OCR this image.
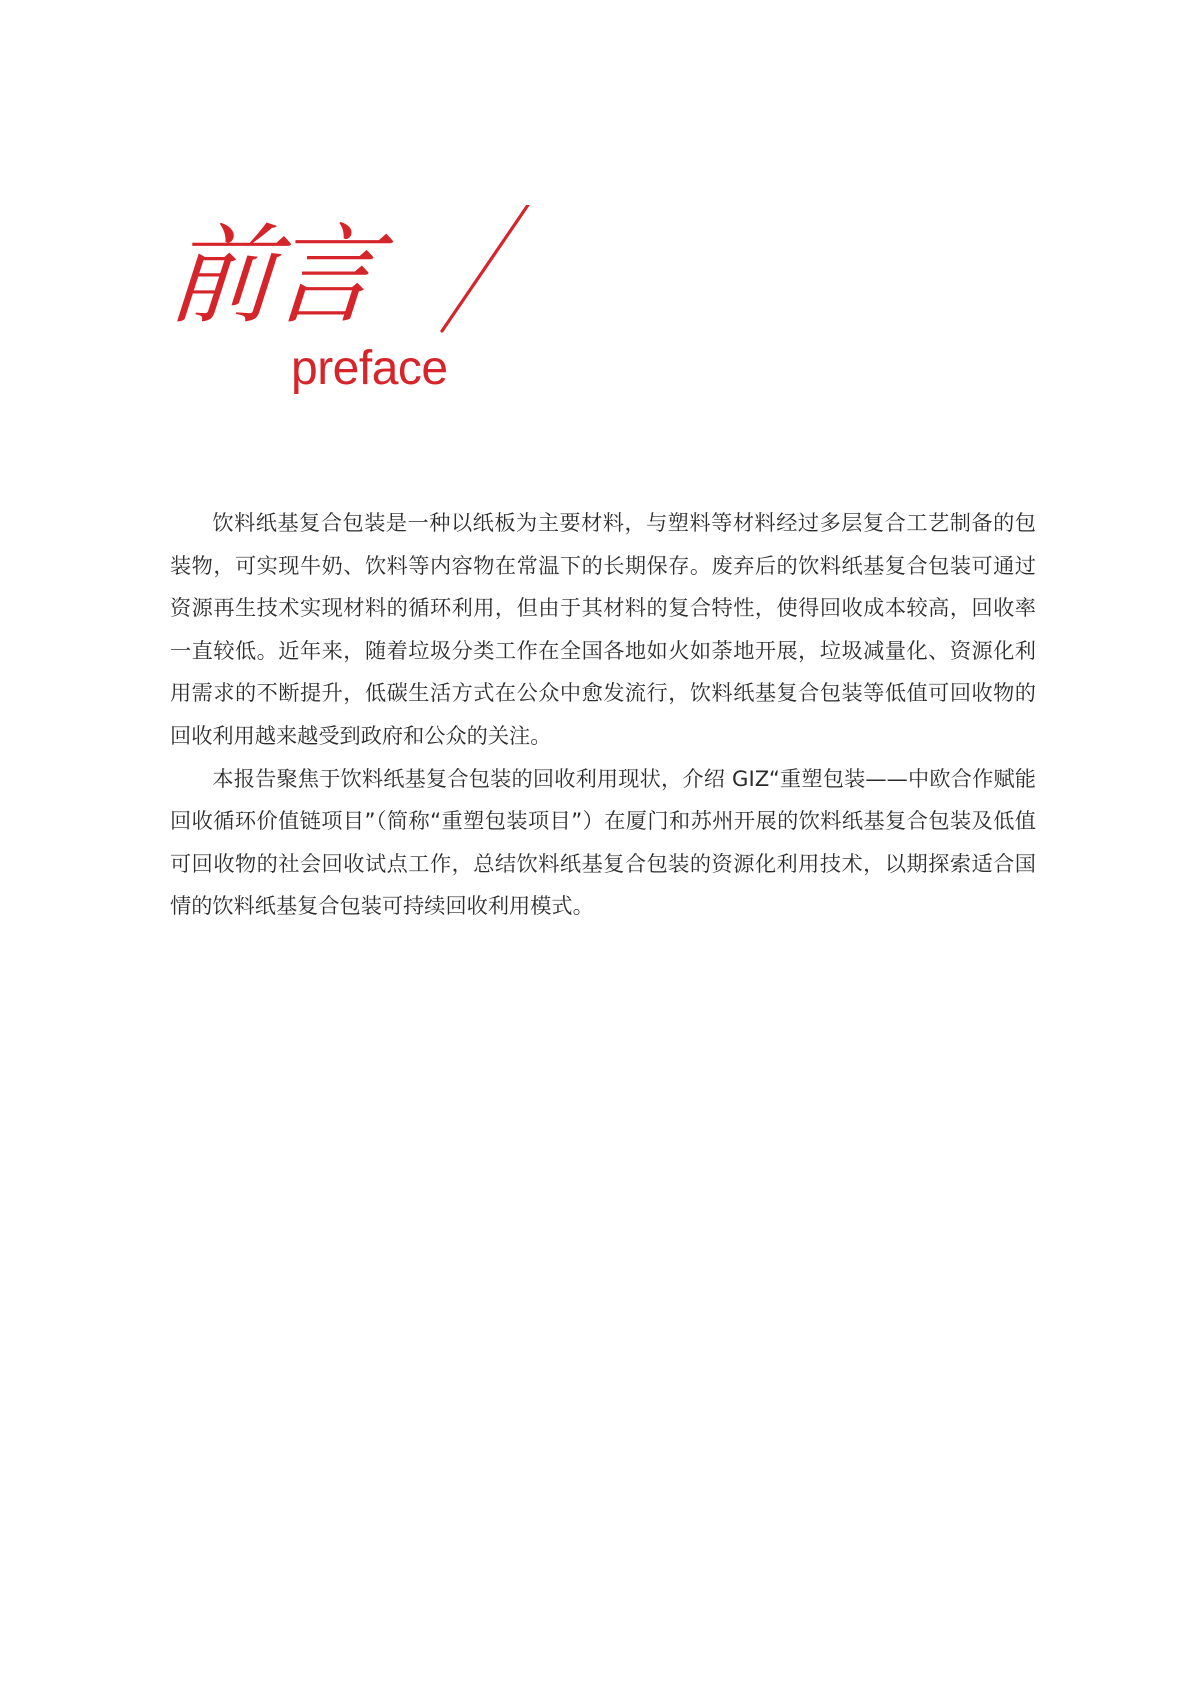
前言
preface

饮料纸基复合包装是一种以纸板为主要材料，与塑料等材料经过多层复合工艺制备的包装物，可实现牛奶、饮料等内容物在常温下的长期保存。废弃后的饮料纸基复合包装可通过资源再生技术实现材料的循环利用，但由于其材料的复合特性，使得回收成本较高，回收率一直较低。近年来，随着垃圾分类工作在全国各地如火如荼地开展，垃圾减量化、资源化利用需求的不断提升，低碳生活方式在公众中愈发流行，饮料纸基复合包装等低值可回收物的回收利用越来越受到政府和公众的关注。

本报告聚焦于饮料纸基复合包装的回收利用现状，介绍 GIZ“重塑包装——中欧合作赋能回收循环价值链项目”（简称“重塑包装项目”）在厦门和苏州开展的饮料纸基复合包装及低值可回收物的社会回收试点工作，总结饮料纸基复合包装的资源化利用技术，以期探索适合国情的饮料纸基复合包装可持续回收利用模式。
